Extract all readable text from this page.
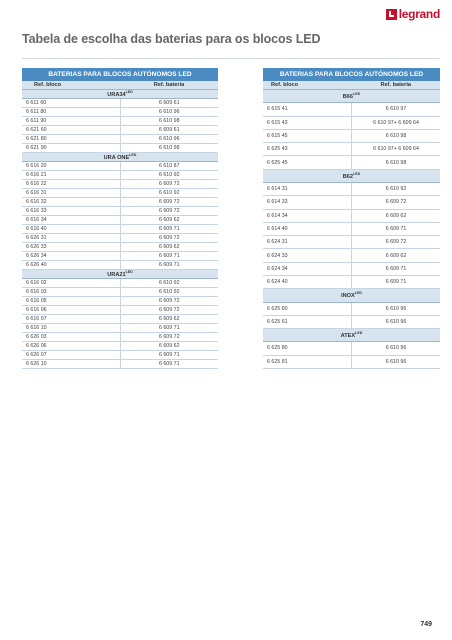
legrand
Tabela de escolha das baterias para os blocos LED
BATERIAS PARA BLOCOS AUTÓNOMOS LED	
Ref. bloco	Ref. bateria
$URA34^{LED}$
6 611 60	6 609 61
6 611 80	6 610 96
6 611 90	6 610 98
6 621 60	6 609 61
6 621 80	6 610 96
6 621 90	6 610 98
URA $ONE^{LED}$
6 616 20	6 610 87
6 616 21	6 610 92
6 616 22	6 609 72
6 616 31	6 610 92
6 616 32	6 609 72
6 616 33	6 609 72
6 616 34	6 609 62
6 616 40	6 609 71
6 626 31	6 609 72
6 626 33	6 609 62
6 626 34	6 609 71
6 626 40	6 609 71
$URA21^{LED}$
6 616 02	6 610 92
6 616 03	6 610 92
6 616 05	6 609 72
6 616 06	6 609 72
6 616 07	6 609 62
6 616 10	6 609 71
6 626 03	6 609 72
6 626 06	6 609 62
6 626 07	6 609 71
6 626 10	6 609 71
BATERIAS PARA BLOCOS AUTÓNOMOS LED	
Ref. bloco	Ref. bateria
$B66^{LED}$
6 615 41	6 610 97
6 615 43	6 610 97+ 6 609 64
6 615 45	6 610 98
6 625 43	6 610 97+ 6 609 64
6 625 45	6 610 98
$B62^{LED}$
6 614 31	6 610 92
6 614 33	6 609 72
6 614 34	6 609 62
6 614 40	6 609 71
6 624 31	6 609 72
6 624 33	6 609 62
6 624 34	6 609 71
6 624 40	6 609 71
$INOX^{LED}$
6 625 60	6 610 96
6 625 61	6 610 96
$ATEX^{LED}$
6 625 80	6 610 96
6 625 81	6 610 96
749
